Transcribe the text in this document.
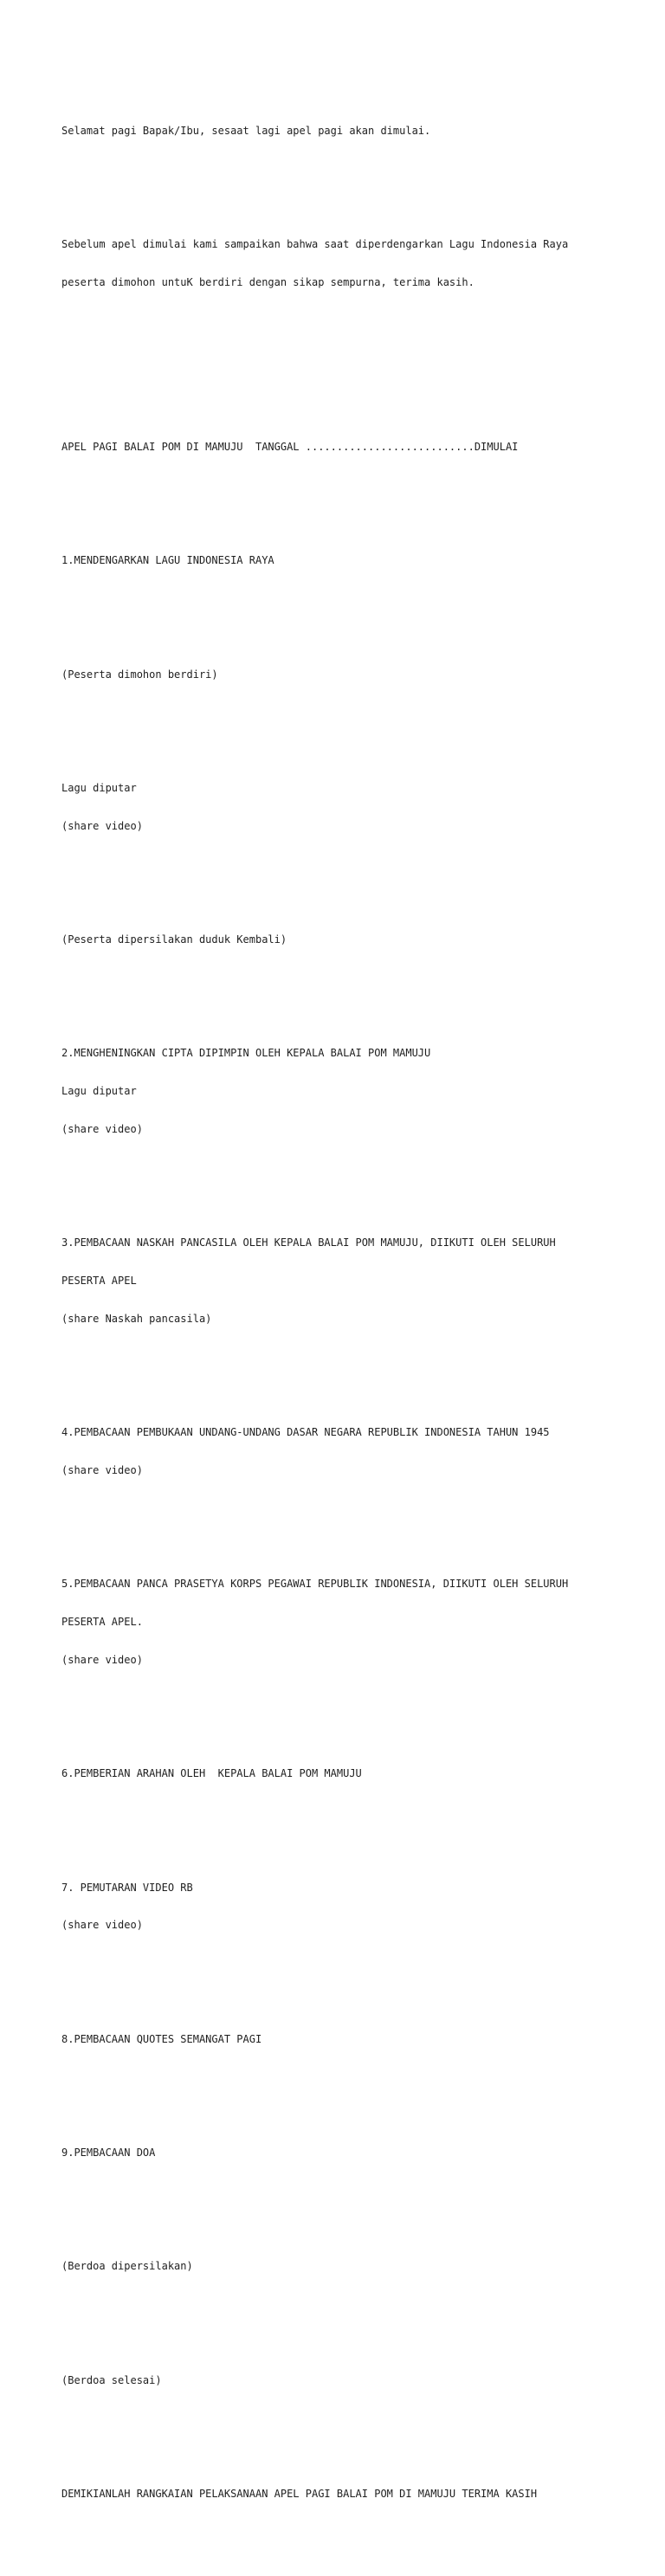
Selamat pagi Bapak/Ibu, sesaat lagi apel pagi akan dimulai.

Sebelum apel dimulai kami sampaikan bahwa saat diperdengarkan Lagu Indonesia Raya

peserta dimohon untuK berdiri dengan sikap sempurna, terima kasih.

APEL PAGI BALAI POM DI MAMUJU  TANGGAL ...........................DIMULAI

1.MENDENGARKAN LAGU INDONESIA RAYA

(Peserta dimohon berdiri)

Lagu diputar

(share video)

(Peserta dipersilakan duduk Kembali)

2.MENGHENINGKAN CIPTA DIPIMPIN OLEH KEPALA BALAI POM MAMUJU

Lagu diputar

(share video)

3.PEMBACAAN NASKAH PANCASILA OLEH KEPALA BALAI POM MAMUJU, DIIKUTI OLEH SELURUH

PESERTA APEL

(share Naskah pancasila)

4.PEMBACAAN PEMBUKAAN UNDANG-UNDANG DASAR NEGARA REPUBLIK INDONESIA TAHUN 1945

(share video)

5.PEMBACAAN PANCA PRASETYA KORPS PEGAWAI REPUBLIK INDONESIA, DIIKUTI OLEH SELURUH

PESERTA APEL.

(share video)

6.PEMBERIAN ARAHAN OLEH  KEPALA BALAI POM MAMUJU

7. PEMUTARAN VIDEO RB

(share video)

8.PEMBACAAN QUOTES SEMANGAT PAGI

9.PEMBACAAN DOA

(Berdoa dipersilakan)

(Berdoa selesai)

DEMIKIANLAH RANGKAIAN PELAKSANAAN APEL PAGI BALAI POM DI MAMUJU TERIMA KASIH
